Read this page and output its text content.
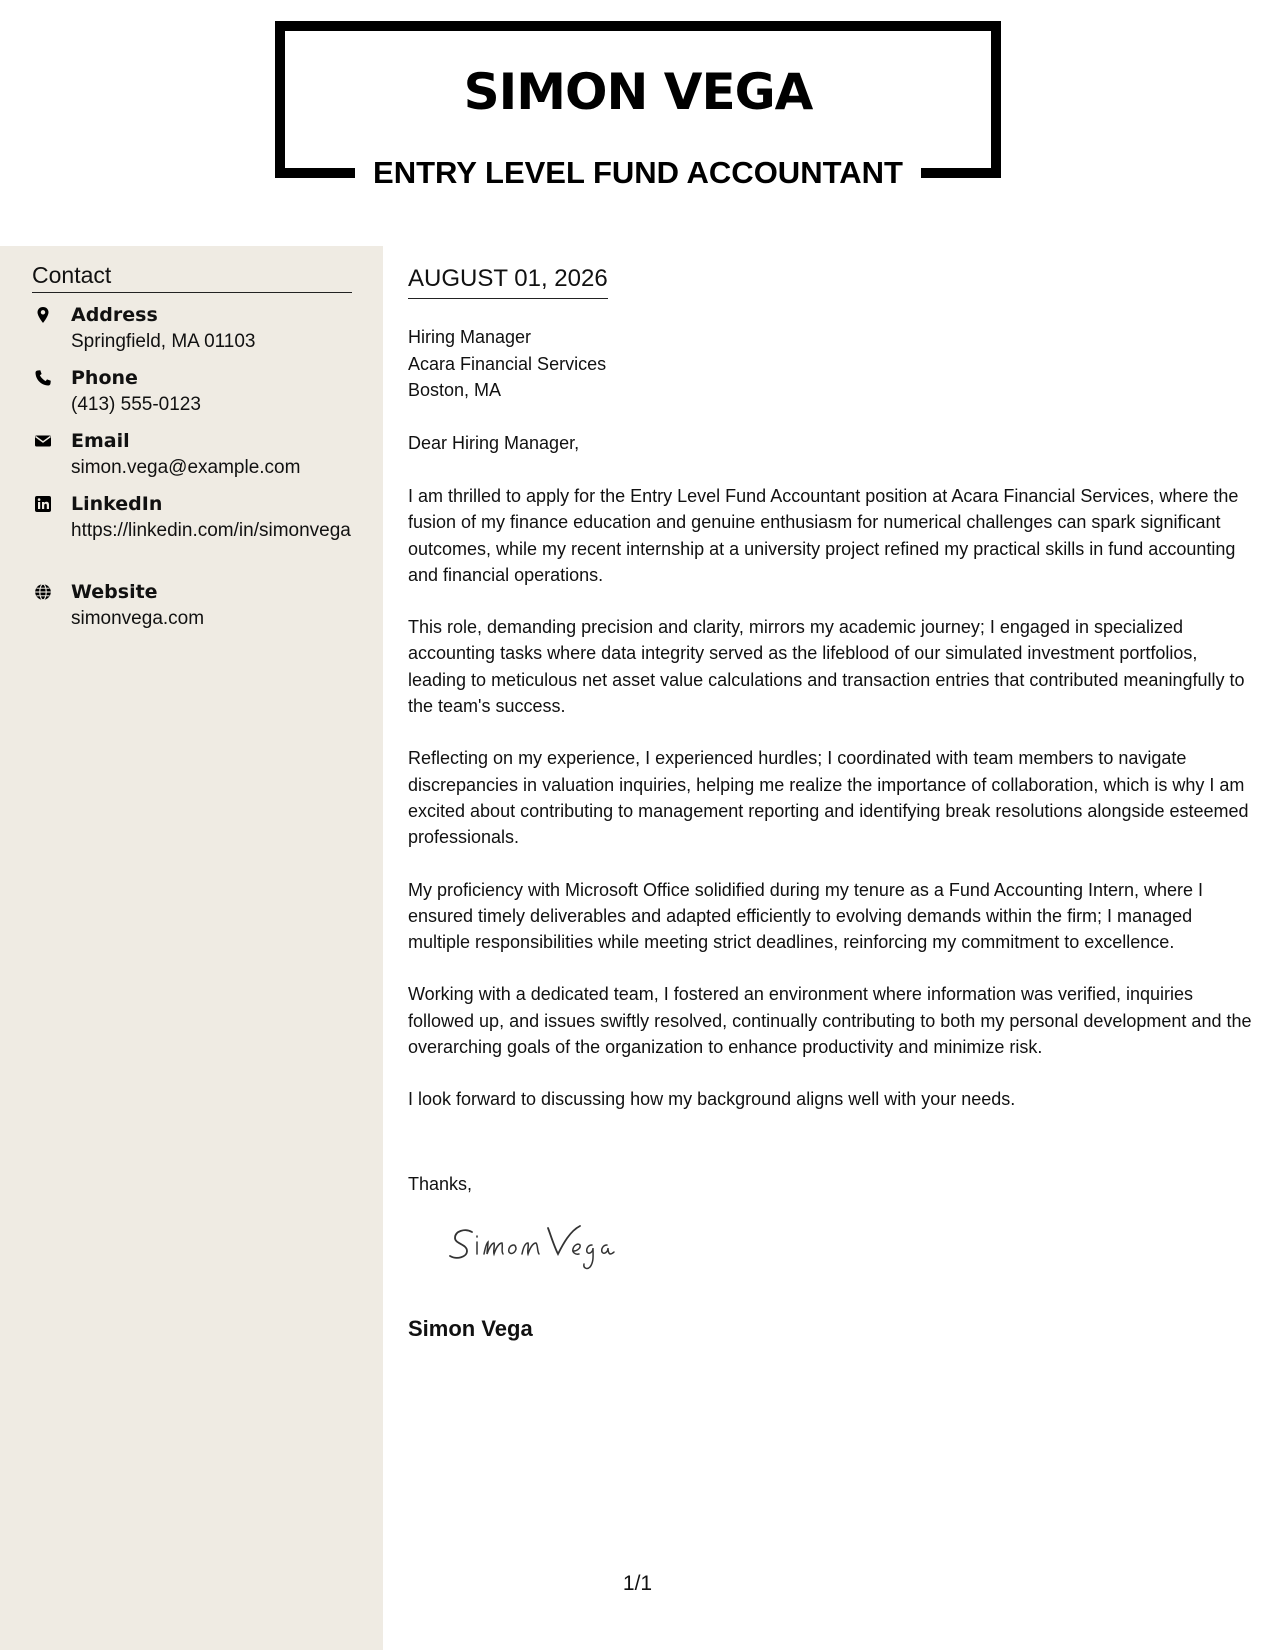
SIMON VEGA
ENTRY LEVEL FUND ACCOUNTANT
Contact
Address
Springfield, MA 01103
Phone
(413) 555-0123
Email
simon.vega@example.com
LinkedIn
https://linkedin.com/in/simonvega
Website
simonvega.com
AUGUST 01, 2026
Hiring Manager
Acara Financial Services
Boston, MA
Dear Hiring Manager,

I am thrilled to apply for the Entry Level Fund Accountant position at Acara Financial Services, where the fusion of my finance education and genuine enthusiasm for numerical challenges can spark significant outcomes, while my recent internship at a university project refined my practical skills in fund accounting and financial operations.

This role, demanding precision and clarity, mirrors my academic journey; I engaged in specialized accounting tasks where data integrity served as the lifeblood of our simulated investment portfolios, leading to meticulous net asset value calculations and transaction entries that contributed meaningfully to the team's success.

Reflecting on my experience, I experienced hurdles; I coordinated with team members to navigate discrepancies in valuation inquiries, helping me realize the importance of collaboration, which is why I am excited about contributing to management reporting and identifying break resolutions alongside esteemed professionals.

My proficiency with Microsoft Office solidified during my tenure as a Fund Accounting Intern, where I ensured timely deliverables and adapted efficiently to evolving demands within the firm; I managed multiple responsibilities while meeting strict deadlines, reinforcing my commitment to excellence.

Working with a dedicated team, I fostered an environment where information was verified, inquiries followed up, and issues swiftly resolved, continually contributing to both my personal development and the overarching goals of the organization to enhance productivity and minimize risk.

I look forward to discussing how my background aligns well with your needs.

Thanks,
Simon Vega
1/1
